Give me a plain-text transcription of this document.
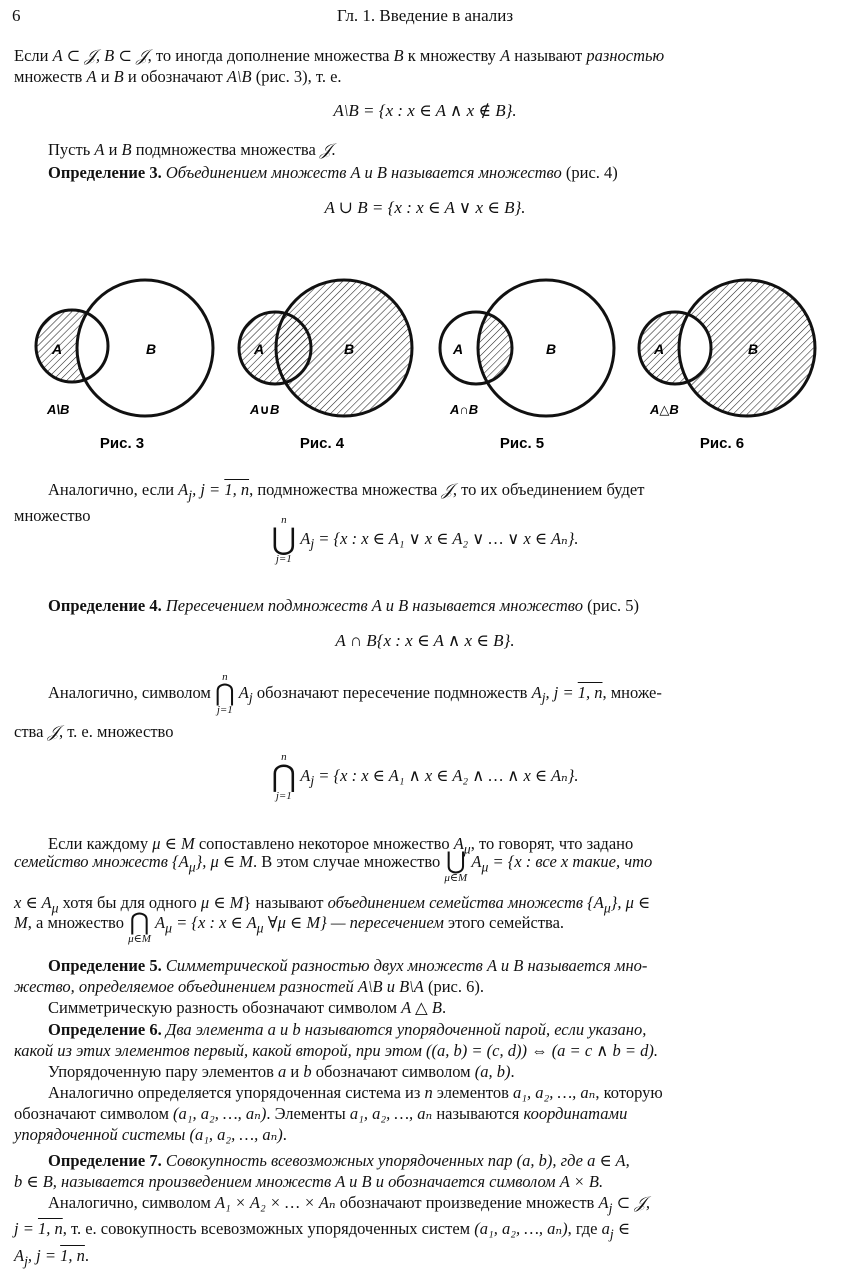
6	Гл. 1. Введение в анализ
Если A ⊂ 𝒥, B ⊂ 𝒥, то иногда дополнение множества B к множеству A называют разностью
множеств A и B и обозначают A\B (рис. 3), т. е.
A\B = {x : x ∈ A ∧ x ∉ B}.
Пусть A и B подмножества множества 𝒥.
Определение 3. Объединением множеств A и B называется множество (рис. 4)
A ∪ B = {x : x ∈ A ∨ x ∈ B}.
A	B
A\B
Рис. 3
A	B
A∪B
Рис. 4
A	B
A∩B
Рис. 5
A	B
A△B
Рис. 6
Аналогично, если $A_j$, j = 1, n, подмножества множества 𝒥, то их объединением будет
множество	n
⋃
j=1
$A_j = \{x$ : x ∈ A₁ ∨ x ∈ A₂ ∨ … ∨ x ∈ Aₙ}.
Определение 4. Пересечением подмножеств A и B называется множество (рис. 5)
A ∩ B{x : x ∈ A ∧ x ∈ B}.
Аналогично, символом
n
⋂
j=1
$A_j$ обозначают пересечение подмножеств $A_j$, j = 1, n, множе-
ства 𝒥, т. е. множество
n
⋂
j=1
$A_j = \{x$ : x ∈ A₁ ∧ x ∈ A₂ ∧ … ∧ x ∈ Aₙ}.
Если каждому μ ∈ M сопоставлено некоторое множество $A_\mu$, то говорят, что задано
семейство множеств $\{A_\mu\}$, μ ∈ M. В этом случае множество ⋃
μ∈M
$A_\mu = \{x$ : все x такие, что
x ∈ $A_\mu$ хотя бы для одного μ ∈ M} называют объединением семейства множеств $\{A_\mu\}$, μ ∈
M, а множество ⋂
μ∈M
$A_\mu = \{x$ : x ∈ $A_\mu$ ∀μ ∈ M} — пересечением этого семейства.
Определение 5. Симметрической разностью двух множеств A и B называется мно-
жество, определяемое объединением разностей A\B и B\A (рис. 6).
Симметрическую разность обозначают символом A △ B.
Определение 6. Два элемента a и b называются упорядоченной парой, если указано,
какой из этих элементов первый, какой второй, при этом ((a, b) = (c, d)) ⇔ (a = c ∧ b = d).
Упорядоченную пару элементов a и b обозначают символом (a, b).
Аналогично определяется упорядоченная система из n элементов a₁, a₂, …, aₙ, которую
обозначают символом (a₁, a₂, …, aₙ). Элементы a₁, a₂, …, aₙ называются координатами
упорядоченной системы (a₁, a₂, …, aₙ).
Определение 7. Совокупность всевозможных упорядоченных пар (a, b), где a ∈ A,
b ∈ B, называется произведением множеств A и B и обозначается символом A × B.
Аналогично, символом A₁ × A₂ × … × Aₙ обозначают произведение множеств $A_j$ ⊂ 𝒥,
j = 1, n, т. е. совокупность всевозможных упорядоченных систем (a₁, a₂, …, aₙ), где $a_j$ ∈
$A_j$, j = 1, n.
